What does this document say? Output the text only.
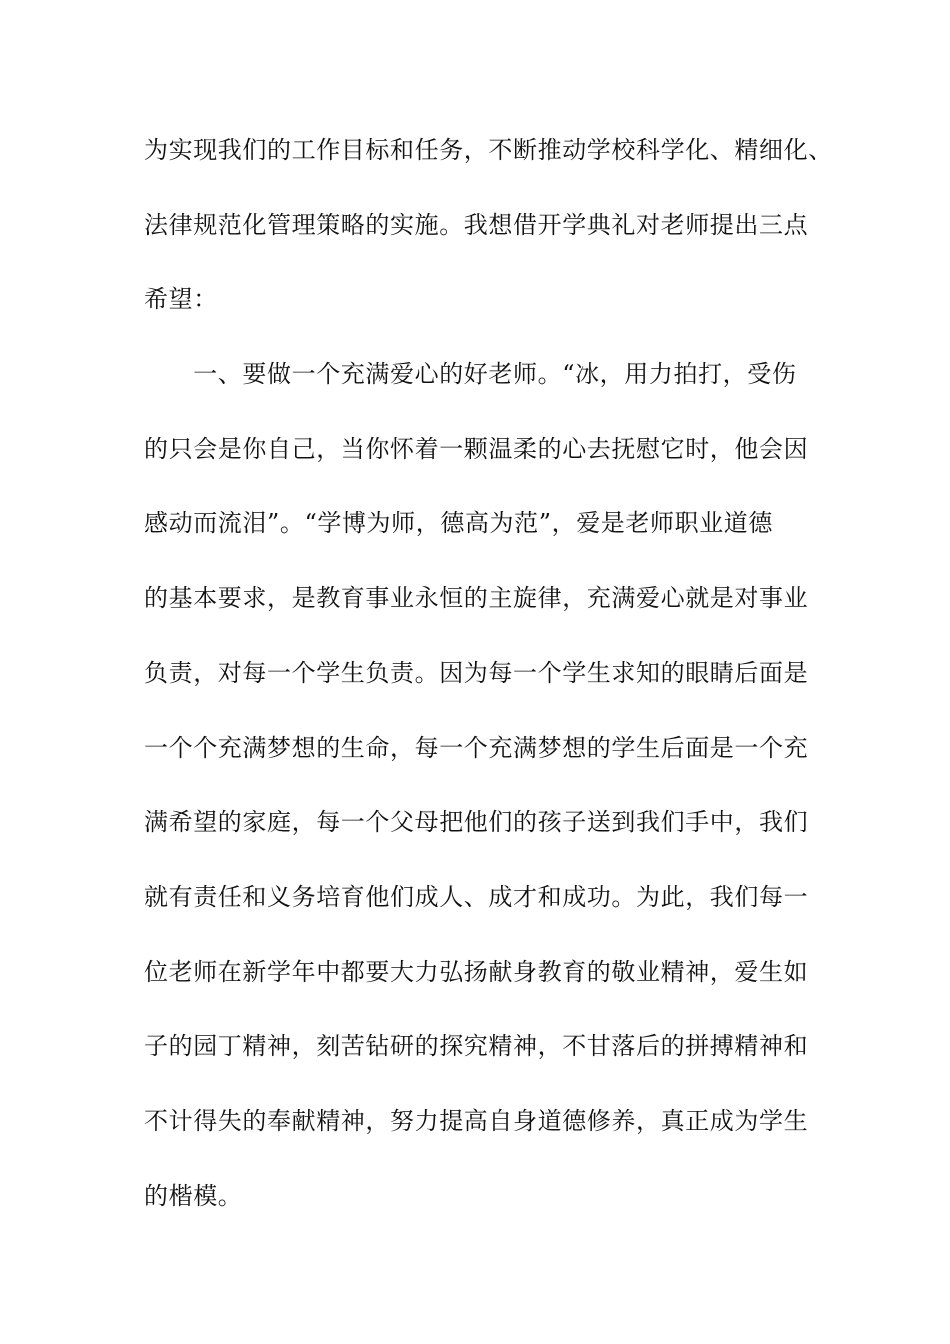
为实现我们的工作目标和任务，不断推动学校科学化、精细化、
法律规范化管理策略的实施。我想借开学典礼对老师提出三点
希望：
　　一、要做一个充满爱心的好老师。“冰，用力拍打，受伤
的只会是你自己，当你怀着一颗温柔的心去抚慰它时，他会因
感动而流泪”。“学博为师，德高为范”，爱是老师职业道德
的基本要求，是教育事业永恒的主旋律，充满爱心就是对事业
负责，对每一个学生负责。因为每一个学生求知的眼睛后面是
一个个充满梦想的生命，每一个充满梦想的学生后面是一个充
满希望的家庭，每一个父母把他们的孩子送到我们手中，我们
就有责任和义务培育他们成人、成才和成功。为此，我们每一
位老师在新学年中都要大力弘扬献身教育的敬业精神，爱生如
子的园丁精神，刻苦钻研的探究精神，不甘落后的拼搏精神和
不计得失的奉献精神，努力提高自身道德修养，真正成为学生
的楷模。
